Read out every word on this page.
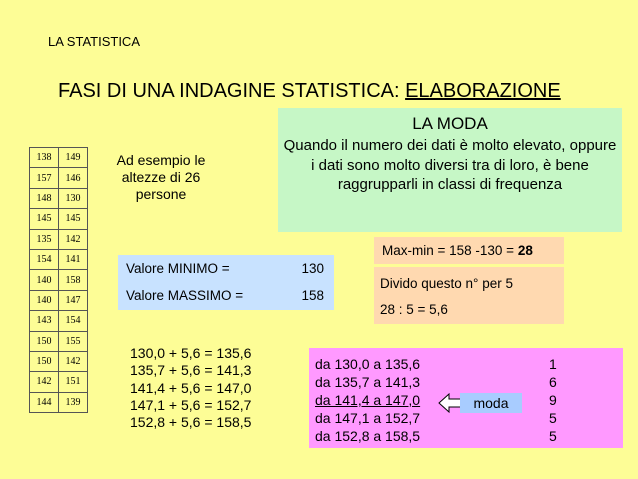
LA STATISTICA
FASI DI UNA INDAGINE STATISTICA: ELABORAZIONE
LA MODA
Quando il numero dei dati è molto elevato, oppure i dati sono molto diversi tra di loro, è bene raggrupparli in classi di frequenza
138	149
157	146
148	130
145	145
135	142
154	141
140	158
140	147
143	154
150	155
150	142
142	151
144	139
Ad esempio le altezze di 26 persone
Valore MINIMO =	130
Valore MASSIMO =	158
Max-min = 158 -130 = 28
Divido questo n° per 5
28 : 5 = 5,6
130,0 + 5,6 = 135,6
135,7 + 5,6 = 141,3
141,4 + 5,6 = 147,0
147,1 + 5,6 = 152,7
152,8 + 5,6 = 158,5
da 130,0 a 135,6	1
da 135,7 a 141,3	6
da 141,4 a 147,0	9
da 147,1 a 152,7	5
da 152,8 a 158,5	5
moda
